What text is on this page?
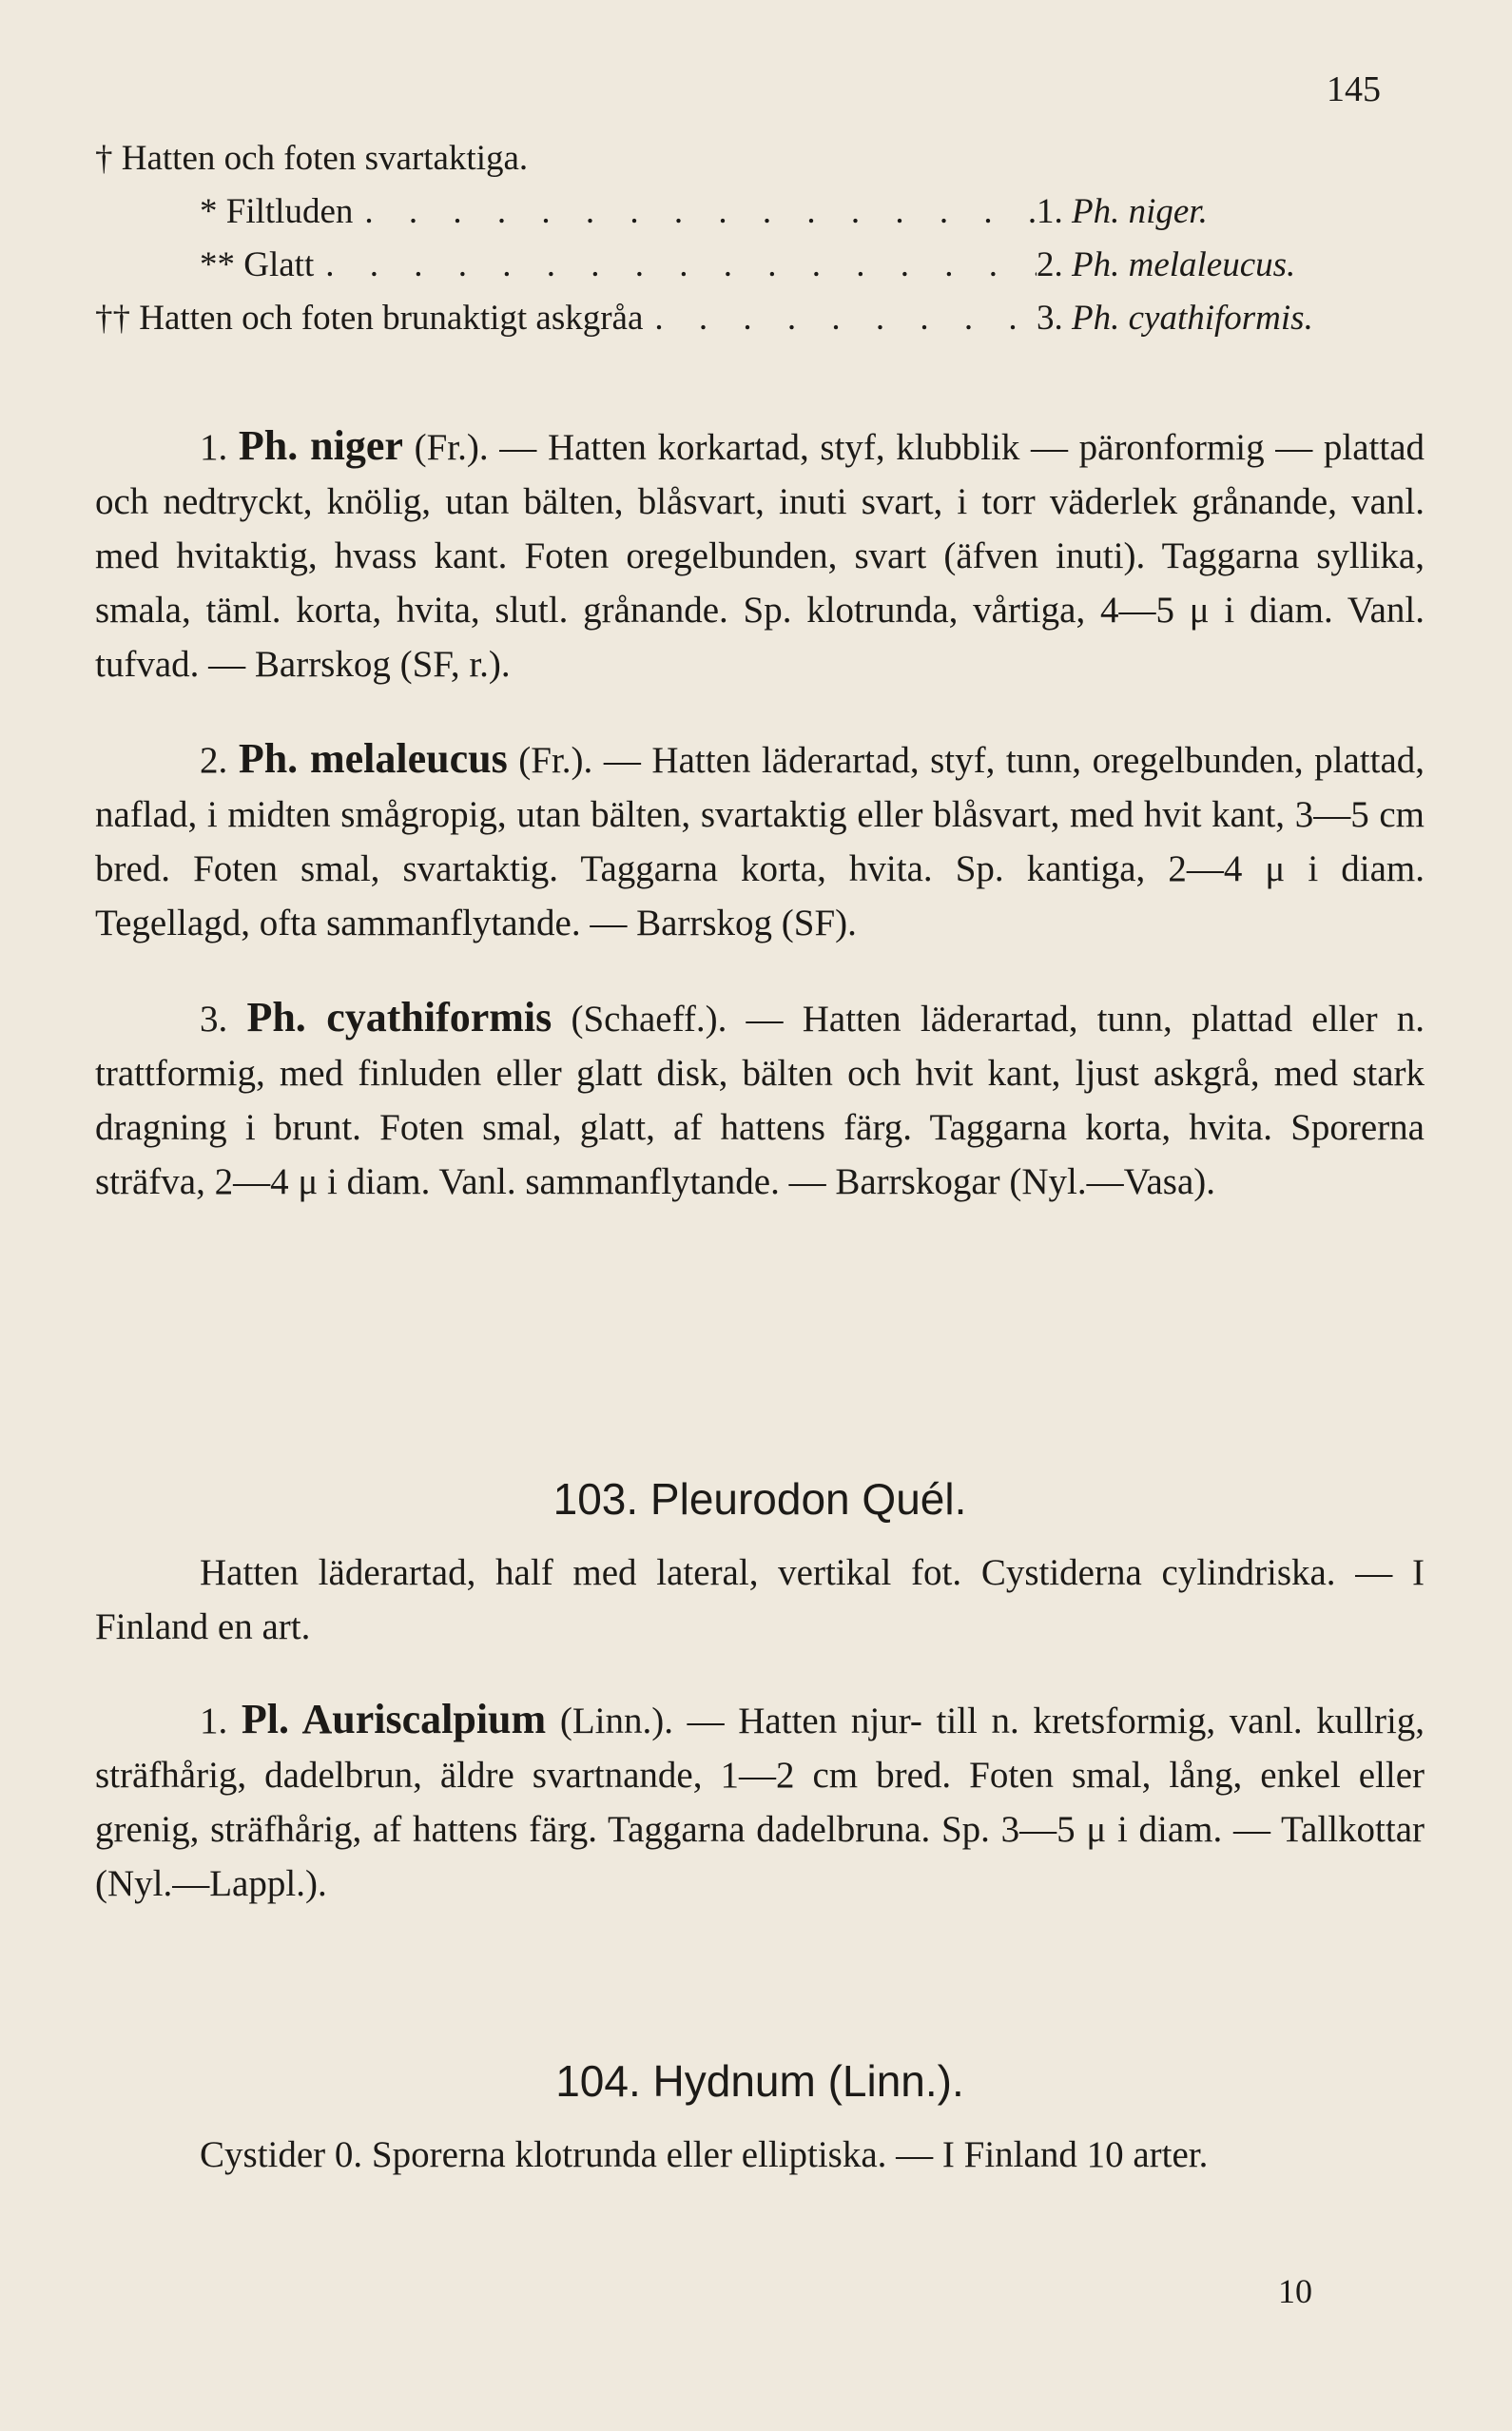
145
† Hatten och foten svartaktiga.
* Filtluden . . .	1. Ph. niger.
** Glatt . . .	2. Ph. melaleucus.
†† Hatten och foten brunaktigt askgråa . . .	3. Ph. cyathiformis.

1. Ph. niger (Fr.). — Hatten korkartad, styf, klubblik — päronformig — plattad och nedtryckt, knölig, utan bälten, blåsvart, inuti svart, i torr väderlek grånande, vanl. med hvitaktig, hvass kant. Foten oregelbunden, svart (äfven inuti). Taggarna syllika, smala, täml. korta, hvita, slutl. grånande. Sp. klotrunda, vårtiga, 4—5 μ i diam. Vanl. tufvad. — Barrskog (SF, r.).

2. Ph. melaleucus (Fr.). — Hatten läderartad, styf, tunn, oregelbunden, plattad, naflad, i midten smågropig, utan bälten, svartaktig eller blåsvart, med hvit kant, 3—5 cm bred. Foten smal, svartaktig. Taggarna korta, hvita. Sp. kantiga, 2—4 μ i diam. Tegellagd, ofta sammanflytande. — Barrskog (SF).

3. Ph. cyathiformis (Schaeff.). — Hatten läderartad, tunn, plattad eller n. trattformig, med finluden eller glatt disk, bälten och hvit kant, ljust askgrå, med stark dragning i brunt. Foten smal, glatt, af hattens färg. Taggarna korta, hvita. Sporerna sträfva, 2—4 μ i diam. Vanl. sammanflytande. — Barrskogar (Nyl.—Vasa).

103. Pleurodon Quél.

Hatten läderartad, half med lateral, vertikal fot. Cystiderna cylindriska. — I Finland en art.

1. Pl. Auriscalpium (Linn.). — Hatten njur- till n. kretsformig, vanl. kullrig, sträfhårig, dadelbrun, äldre svartnande, 1—2 cm bred. Foten smal, lång, enkel eller grenig, sträfhårig, af hattens färg. Taggarna dadelbruna. Sp. 3—5 μ i diam. — Tallkottar (Nyl.—Lappl.).

104. Hydnum (Linn.).

Cystider 0. Sporerna klotrunda eller elliptiska. — I Finland 10 arter.

10
